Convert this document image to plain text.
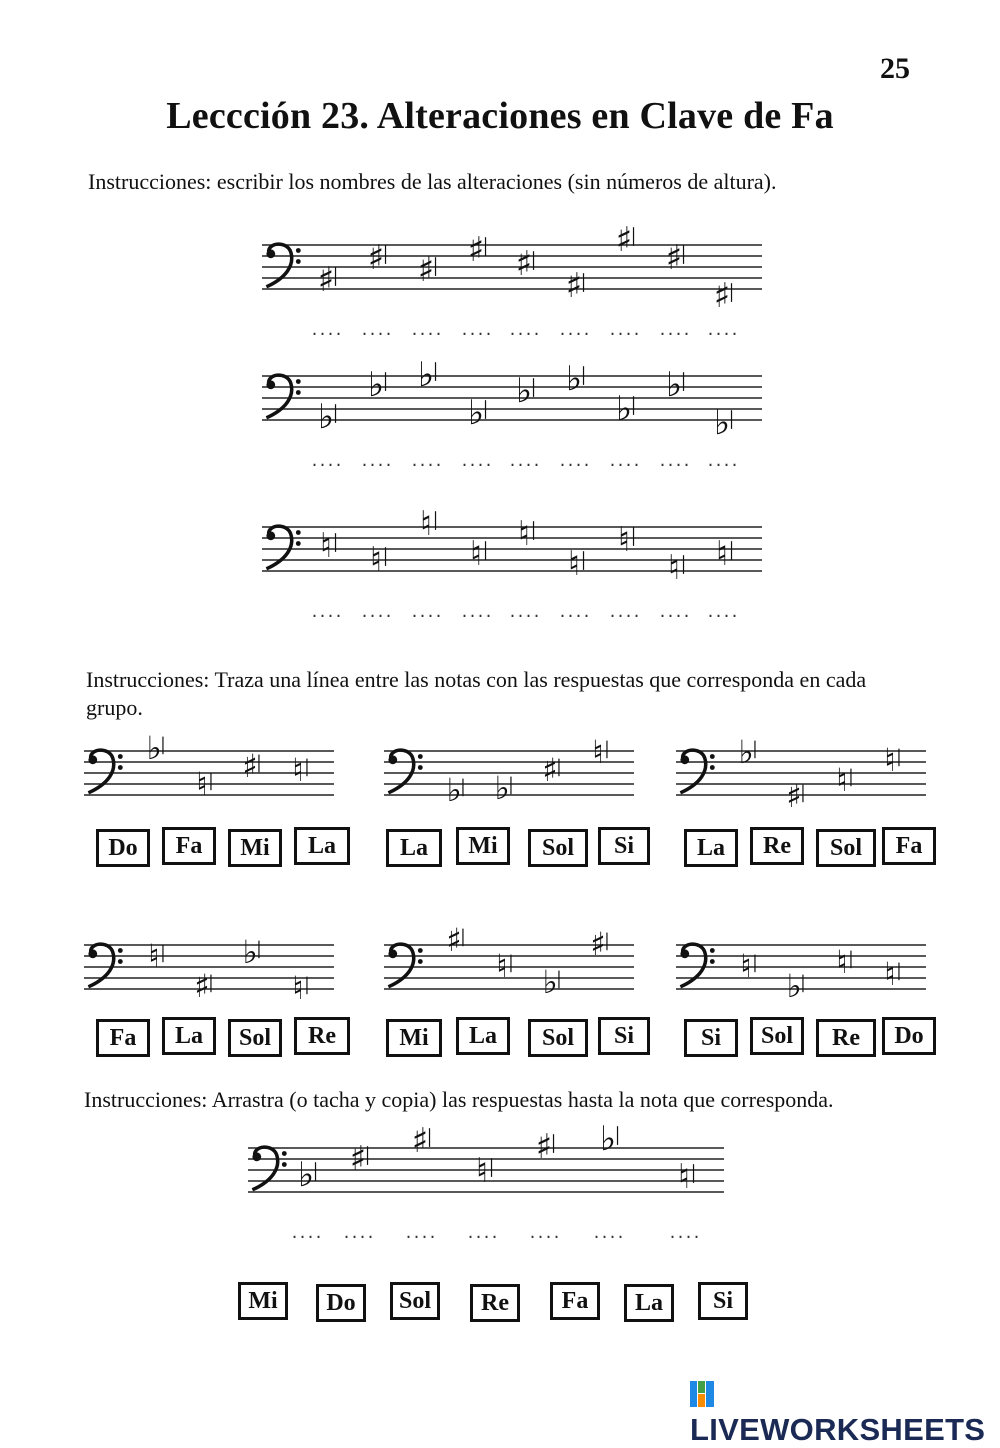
25
Leccción 23. Alteraciones en Clave de Fa
Instrucciones: escribir los nombres de las alteraciones (sin números de altura).
Instrucciones: Traza una línea entre las notas con las respuestas que corresponda en cada grupo.
Instrucciones: Arrastra (o tacha y copia) las respuestas hasta la nota que corresponda.
♯
♯ ♯ ♯ ♯
♯
♯ ♯
♯
.... .... .... .... .... .... .... .... ....
♭
♭ ♭
♭
♭ ♭
♭
♭
♭
.... .... .... .... .... .... .... .... ....
♮ ♮
♮
♮ ♮
♮
♮
♮ ♮
.... .... .... .... .... .... .... .... ....
♭
♮ ♯ ♮
Do	Fa	Mi	La
♭ ♭ ♯ ♮
La	Mi	Sol	Si
♭
♯ ♮
♮
La	Re	Sol	Fa
♮
♯
♭
♮
Fa	La	Sol	Re
♯
♮ ♭
♯
Mi	La	Sol	Si
♮
♭
♮ ♮
Si	Sol	Re	Do
♭ ♯ ♯
♮
♯ ♭
♮
.... .... .... .... .... ....	....
Mi	Do	Sol	Re	Fa	La	Si
LIVEWORKSHEETS
